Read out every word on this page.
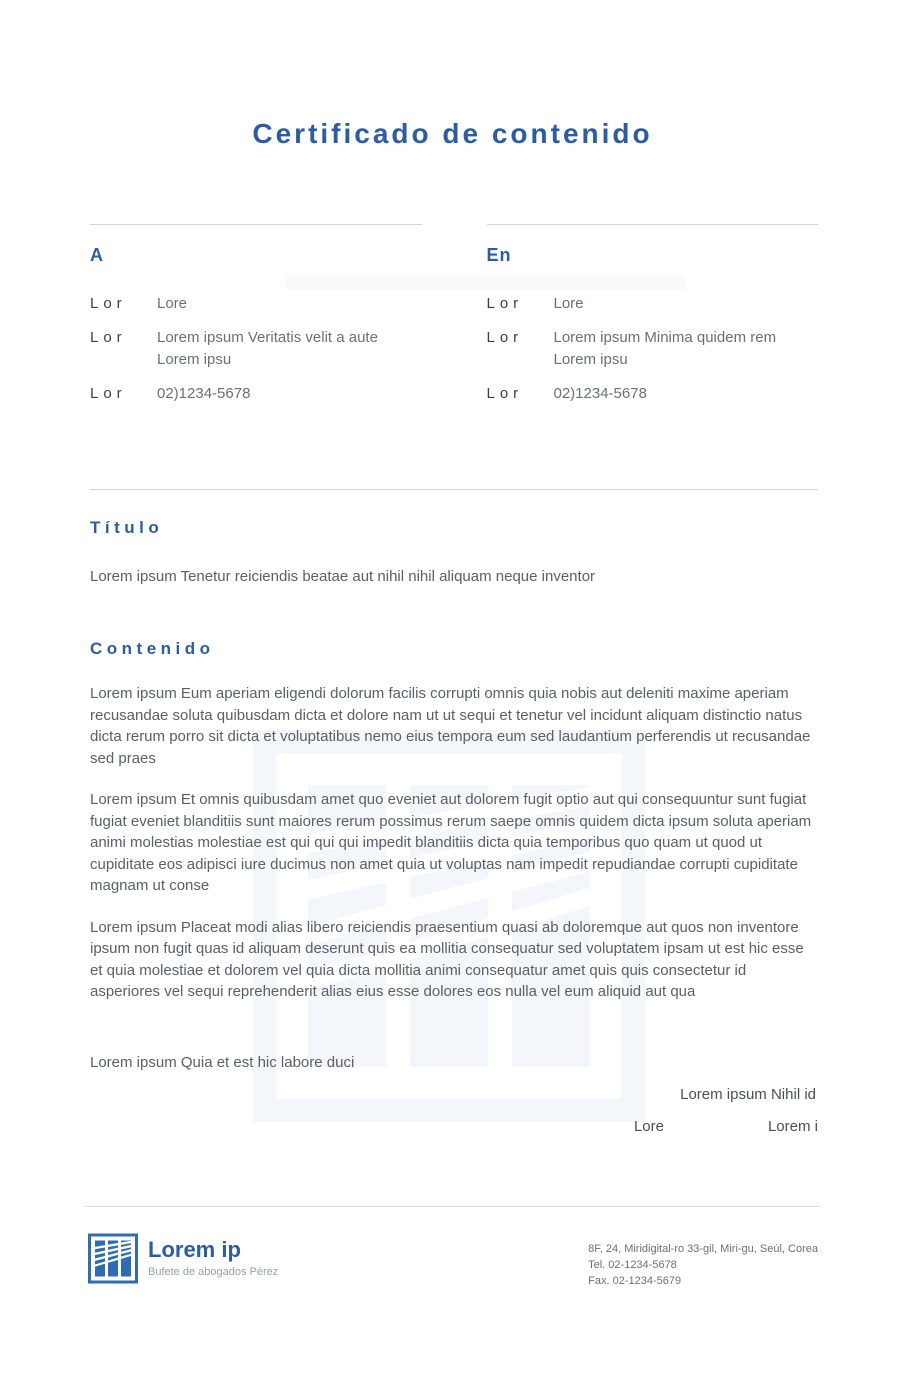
Certificado de contenido
A
Lor	Lore
Lor	Lorem ipsum Veritatis velit a aute Lorem ipsu
Lor	02)1234-5678
En
Lor	Lore
Lor	Lorem ipsum Minima quidem rem Lorem ipsu
Lor	02)1234-5678
Título
Lorem ipsum Tenetur reiciendis beatae aut nihil nihil aliquam neque inventor
Contenido

Lorem ipsum Eum aperiam eligendi dolorum facilis corrupti omnis quia nobis aut deleniti maxime aperiam recusandae soluta quibusdam dicta et dolore nam ut ut sequi et tenetur vel incidunt aliquam distinctio natus dicta rerum porro sit dicta et voluptatibus nemo eius tempora eum sed laudantium perferendis ut recusandae sed praes

Lorem ipsum Et omnis quibusdam amet quo eveniet aut dolorem fugit optio aut qui consequuntur sunt fugiat fugiat eveniet blanditiis sunt maiores rerum possimus rerum saepe omnis quidem dicta ipsum soluta aperiam animi molestias molestiae est qui qui qui impedit blanditiis dicta quia temporibus quo quam ut quod ut cupiditate eos adipisci iure ducimus non amet quia ut voluptas nam impedit repudiandae corrupti cupiditate magnam ut conse

Lorem ipsum Placeat modi alias libero reiciendis praesentium quasi ab doloremque aut quos non inventore ipsum non fugit quas id aliquam deserunt quis ea mollitia consequatur sed voluptatem ipsam ut est hic esse et quia molestiae et dolorem vel quia dicta mollitia animi consequatur amet quis quis consectetur id asperiores vel sequi reprehenderit alias eius esse dolores eos nulla vel eum aliquid aut qua

Lorem ipsum Quia et est hic labore duci
Lorem ipsum Nihil id
Lore	Lorem i
Lorem ip
Bufete de abogados Pérez
8F, 24, Miridigital-ro 33-gil, Miri-gu, Seúl, Corea
Tel. 02-1234-5678
Fax. 02-1234-5679
